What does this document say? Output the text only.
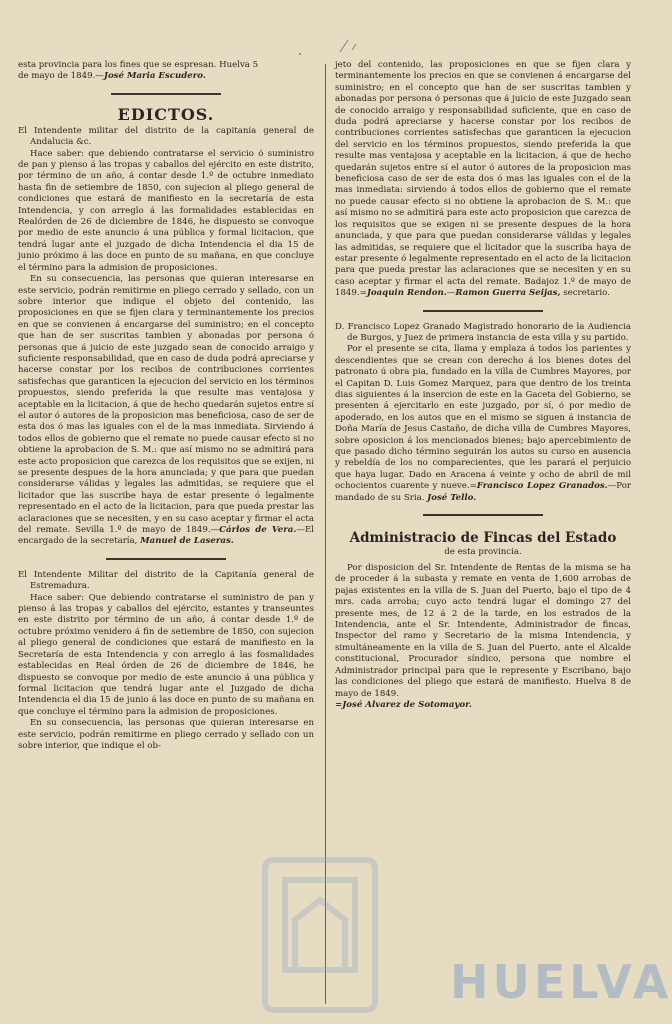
esta provincia para los fines que se espresan. Huelva 5

de mayo de 1849.—José Maria Escudero.

EDICTOS.

El Intendente militar del distrito de la capitanía general de Andalucia &c.

Hace saber: que debiendo contratarse el servicio ó suministro de pan y pienso á las tropas y caballos del ejército en este distrito, por término de un año, á contar desde 1.º de octubre inmediato hasta fin de setiembre de 1850, con sujecion al pliego general de condiciones que estará de manifiesto en la secretaría de esta Intendencia, y con arreglo á las formalidades establecidas en Realórden de 26 de diciembre de 1846, he dispuesto se convoque por medio de este anuncio á una pública y formal licitacion, que tendrá lugar ante el juzgado de dicha Intendencia el dia 15 de junio próximo á las doce en punto de su mañana, en que concluye el término para la admision de proposiciones.

En su consecuencia, las personas que quieran interesarse en este servicio, podrán remitirme en pliego cerrado y sellado, con un sobre interior que indique el objeto del contenido, las proposiciones en que se fijen clara y terminantemente los precios en que se convienen á encargarse del suministro; en el concepto que han de ser suscritas tambien y abonadas por persona ó personas que á juicio de este juzgado sean de conocido arraigo y suficiente responsabilidad, que en caso de duda podrá apreciarse y hacerse constar por los recibos de contribuciones corrientes satisfechas que garanticen la ejecucion del servicio en los términos propuestos, siendo preferida la que resulte mas ventajosa y aceptable en la licitacion, á que de hecho quedarán sujetos entre sí el autor ó autores de la proposicion mas beneficiosa, caso de ser de esta dos ó mas las iguales con el de la mas inmediata. Sirviendo á todos ellos de gobierno que el remate no puede causar efecto si no obtiene la aprobacion de S. M.: que así mismo no se admitirá para este acto proposicion que carezca de los requisitos que se exijen, ni se presente despues de la hora anunciada; y que para que puedan considerarse válidas y legales las admitidas, se requiere que el licitador que las suscribe haya de estar presente ó legalmente representado en el acto de la licitacion, para que pueda prestar las aclaraciones que se necesiten, y en su caso aceptar y firmar el acta del remate. Sevilla 1.º de mayo de 1849.—Cárlos de Vera.—El encargado de la secretaría, Manuel de Laseras.

El Intendente Militar del distrito de la Capitanía general de Estremadura.

Hace saber: Que debiendo contratarse el suministro de pan y pienso á las tropas y caballos del ejército, estantes y transeuntes en este distrito por término de un año, á contar desde 1.º de octubre próximo venidero á fin de setiembre de 1850, con sujecion al pliego general de condiciones que estará de manifiesto en la Secretaría de esta Intendencia y con arreglo á las fosmalidades establecidas en Real órden de 26 de diciembre de 1846, he dispuesto se convoque por medio de este anuncio á una pública y formal licitacion que tendrá lugar ante el Juzgado de dicha Intendencia el dia 15 de junio á las doce en punto de su mañana en que concluye el término para la admision de proposiciones.

En su consecuencia, las personas que quieran interesarse en este servicio, podrán remitirme en pliego cerrado y sellado con un sobre interior, que indique el ob-

jeto del contenido, las proposiciones en que se fijen clara y terminantemente los precios en que se convienen á encargarse del suministro; en el concepto que han de ser suscritas tambien y abonadas por persona ó personas que á juicio de este Juzgado sean de conocido arraigo y responsabilidad suficiente, que en caso de duda podrá apreciarse y hacerse constar por los recibos de contribuciones corrientes satisfechas que garanticen la ejecucion del servicio en los términos propuestos, siendo preferida la que resulte mas ventajosa y aceptable en la licitacion, á que de hecho quedarán sujetos entre sí el autor ó autores de la proposicion mas beneficiosa caso de ser de esta dos ó mas las iguales con el de la mas inmediata: sirviendo á todos ellos de gobierno que el remate no puede causar efecto si no obtiene la aprobacion de S. M.: que así mismo no se admitirá para este acto proposicion que carezca de los requisitos que se exigen ni se presente despues de la hora anunciada, y que para que puedan considerarse válidas y legales las admitidas, se requiere que el licitador que la suscriba haya de estar presente ó legalmente representado en el acto de la licitacion para que pueda prestar las aclaraciones que se necesiten y en su caso aceptar y firmar el acta del remate. Badajoz 1.º de mayo de 1849.=Joaquin Rendon.—Ramon Guerra Seijas, secretario.

D. Francisco Lopez Granado Magistrado honorario de la Audiencia de Burgos, y Juez de primera instancia de esta villa y su partido.

Por el presente se cita, llama y emplaza á todos los parientes y descendientes que se crean con derecho á los bienes dotes del patronato ú obra pia, fundado en la villa de Cumbres Mayores, por el Capitan D. Luis Gomez Marquez, para que dentro de los treinta dias siguientes á la insercion de este en la Gaceta del Gobierno, se presenten á ejercitarlo en este juzgado, por sí, ó por medio de apoderado, en los autos que en el mismo se siguen á instancia de Doña María de Jesus Castaño, de dicha villa de Cumbres Mayores, sobre oposicion á los mencionados bienes; bajo apercebimiento de que pasado dicho término seguirán los autos su curso en ausencia y rebeldía de los no comparecientes, que les parará el perjuicio que haya lugar. Dado en Aracena á veinte y ocho de abril de mil ochocientos cuarente y nueve.=Francisco Lopez Granados.—Por mandado de su Sria. José Tello.

Administracio de Fincas del Estado
de esta provincia.

Por disposicion del Sr. Intendente de Rentas de la misma se ha de proceder á la subasta y remate en venta de 1,600 arrobas de pajas existentes en la villa de S. Juan del Puerto, bajo el tipo de 4 mrs. cada arroba; cuyo acto tendrá lugar el domingo 27 del presente mes, de 12 á 2 de la tarde, en los estrados de la Intendencia, ante el Sr. Intendente, Administrador de fincas, Inspector del ramo y Secretario de la misma Intendencia, y simultáneamente en la villa de S. Juan del Puerto, ante el Alcalde constitucional, Procurador síndico, persona que nombre el Administrador principal para que le represente y Escribano, bajo las condiciones del pliego que estará de manifiesto. Huelva 8 de mayo de 1849.

=José Alvarez de Sotomayor.

HUELVA
